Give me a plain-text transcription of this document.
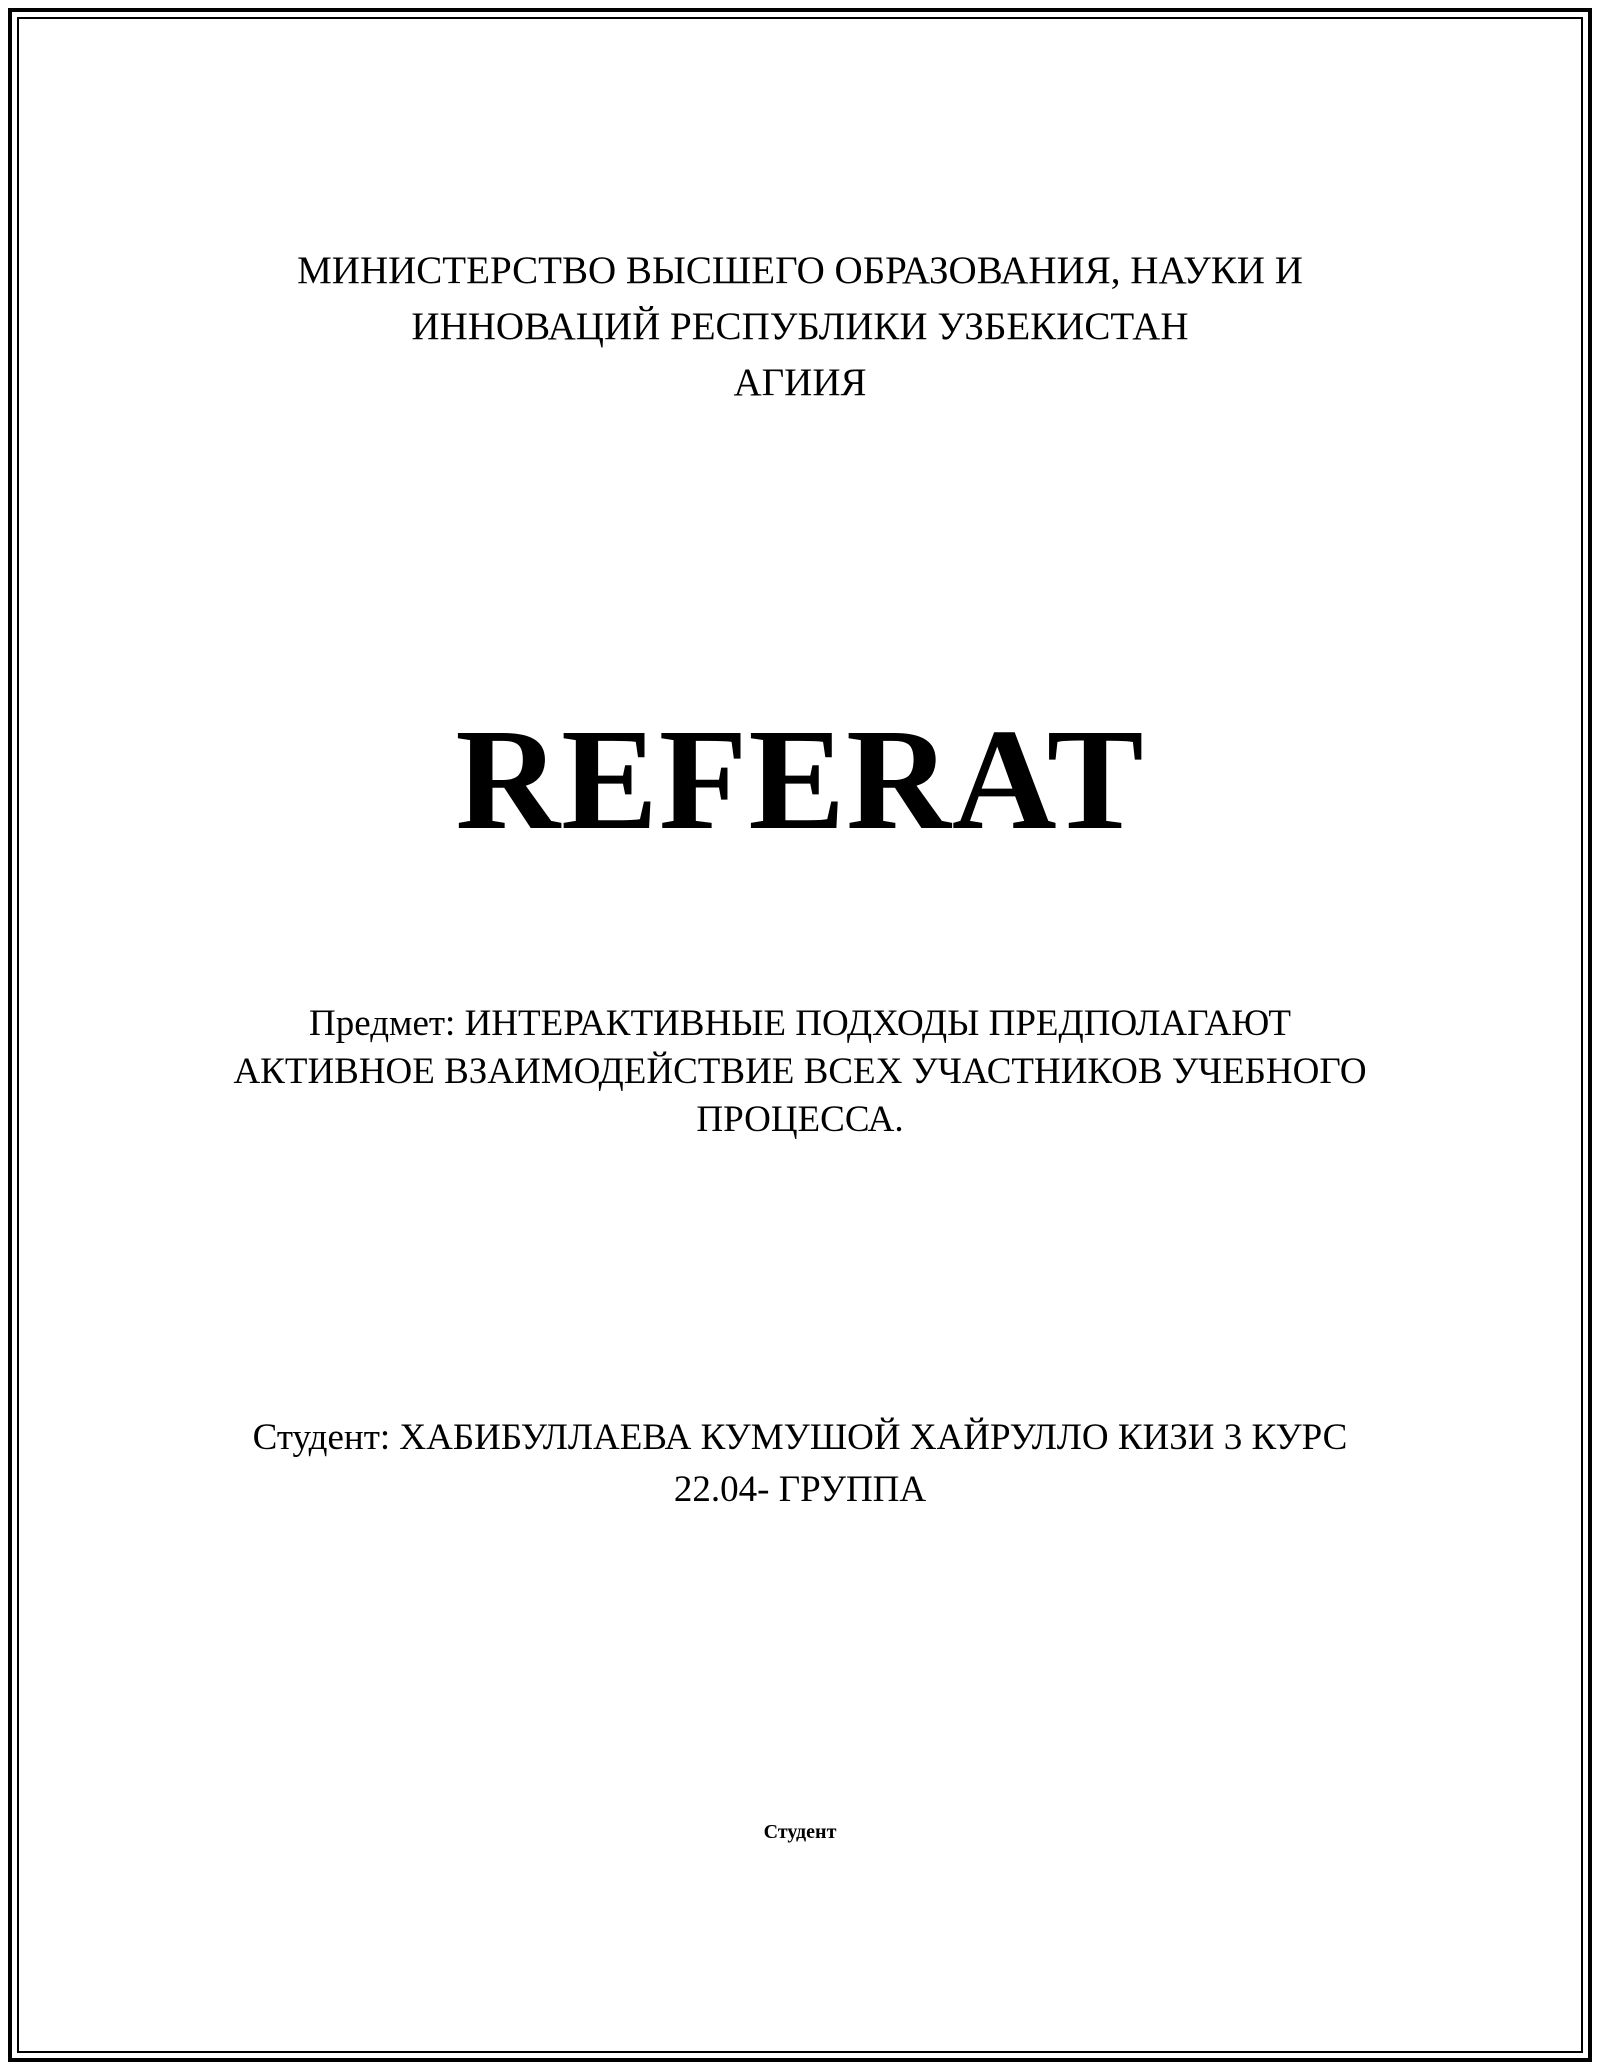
МИНИСТЕРСТВО ВЫСШЕГО ОБРАЗОВАНИЯ, НАУКИ И
ИННОВАЦИЙ РЕСПУБЛИКИ УЗБЕКИСТАН
АГИИЯ
REFERAT
Предмет: ИНТЕРАКТИВНЫЕ ПОДХОДЫ ПРЕДПОЛАГАЮТ
АКТИВНОЕ ВЗАИМОДЕЙСТВИЕ ВСЕХ УЧАСТНИКОВ УЧЕБНОГО
ПРОЦЕССА.
Студент: ХАБИБУЛЛАЕВА КУМУШОЙ ХАЙРУЛЛО КИЗИ 3 КУРС
22.04- ГРУППА
Студент
